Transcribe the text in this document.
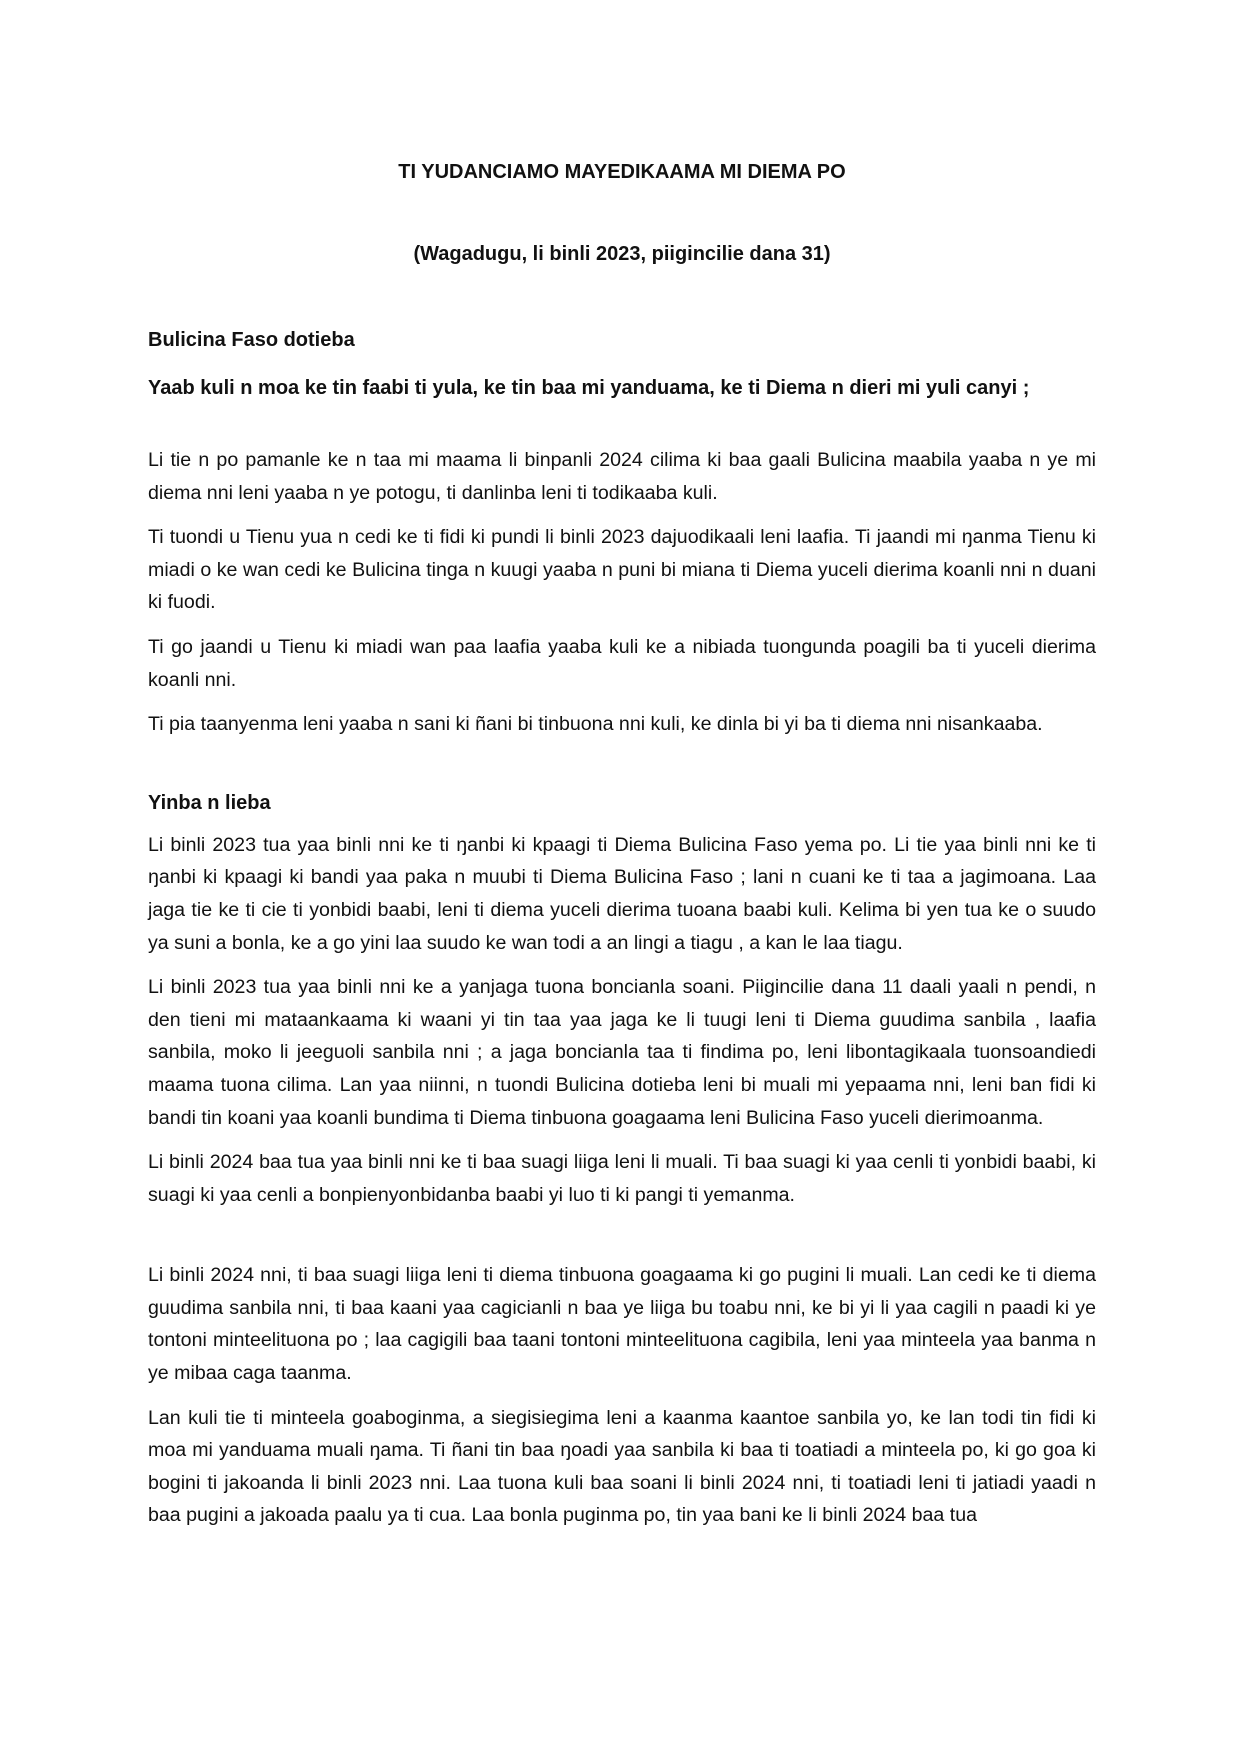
TI YUDANCIAMO MAYEDIKAAMA MI DIEMA PO

(Wagadugu, li binli 2023, piigincilie dana 31)

Bulicina Faso dotieba

Yaab kuli n moa ke tin faabi ti yula, ke tin baa mi yanduama, ke ti Diema n dieri mi yuli canyi ;

Li tie n po pamanle ke n taa mi maama li binpanli 2024 cilima ki baa gaali Bulicina maabila yaaba n ye mi diema nni leni yaaba n ye potogu, ti danlinba leni ti todikaaba kuli.

Ti tuondi u Tienu yua n cedi ke ti fidi ki pundi li binli 2023 dajuodikaali leni laafia. Ti jaandi mi ŋanma Tienu ki miadi o ke wan cedi ke Bulicina tinga n kuugi yaaba n puni bi miana ti Diema yuceli dierima koanli nni n duani ki fuodi.

Ti go jaandi u Tienu ki miadi wan paa laafia yaaba kuli ke a nibiada tuongunda poagili ba ti yuceli dierima koanli nni.

Ti pia taanyenma leni yaaba n sani ki ñani bi tinbuona nni kuli, ke dinla bi yi ba ti diema nni nisankaaba.

Yinba n lieba

Li binli 2023 tua yaa binli nni ke ti ŋanbi ki kpaagi ti Diema Bulicina Faso yema po. Li tie yaa binli nni ke ti ŋanbi ki kpaagi ki bandi yaa paka n muubi ti Diema Bulicina Faso ; lani n cuani ke ti taa a jagimoana. Laa jaga tie ke ti cie ti yonbidi baabi, leni ti diema yuceli dierima tuoana baabi kuli. Kelima bi yen tua ke o suudo ya suni a bonla, ke a go yini laa suudo ke wan todi a an lingi a tiagu , a kan le laa tiagu.

Li binli 2023 tua yaa binli nni ke a yanjaga tuona boncianla soani. Piigincilie dana 11 daali yaali n pendi, n den tieni mi mataankaama ki waani yi tin taa yaa jaga ke li tuugi leni ti Diema guudima sanbila , laafia sanbila, moko li jeeguoli sanbila nni ; a jaga boncianla taa ti findima po, leni libontagikaala tuonsoandiedi maama tuona cilima. Lan yaa niinni, n tuondi Bulicina dotieba leni bi muali mi yepaama nni, leni ban fidi ki bandi tin koani yaa koanli bundima ti Diema tinbuona goagaama leni Bulicina Faso yuceli dierimoanma.

Li binli 2024 baa tua yaa binli nni ke ti baa suagi liiga leni li muali. Ti baa suagi ki yaa cenli ti yonbidi baabi, ki suagi ki yaa cenli a bonpienyonbidanba baabi yi luo ti ki pangi ti yemanma.

Li binli 2024 nni, ti baa suagi liiga leni ti diema tinbuona goagaama ki go pugini li muali. Lan cedi ke ti diema guudima sanbila nni, ti baa kaani yaa cagicianli n baa ye liiga bu toabu nni, ke bi yi li yaa cagili n paadi ki ye tontoni minteelituona po ; laa cagigili baa taani tontoni minteelituona cagibila, leni yaa minteela yaa banma n ye mibaa caga taanma.

Lan kuli tie ti minteela goaboginma, a siegisiegima leni a kaanma kaantoe sanbila yo, ke lan todi tin fidi ki moa mi yanduama muali ŋama. Ti ñani tin baa ŋoadi yaa sanbila ki baa ti toatiadi a minteela po, ki go goa ki bogini ti jakoanda li binli 2023 nni. Laa tuona kuli baa soani li binli 2024 nni, ti toatiadi leni ti jatiadi yaadi n baa pugini a jakoada paalu ya ti cua. Laa bonla puginma po, tin yaa bani ke li binli 2024 baa tua
